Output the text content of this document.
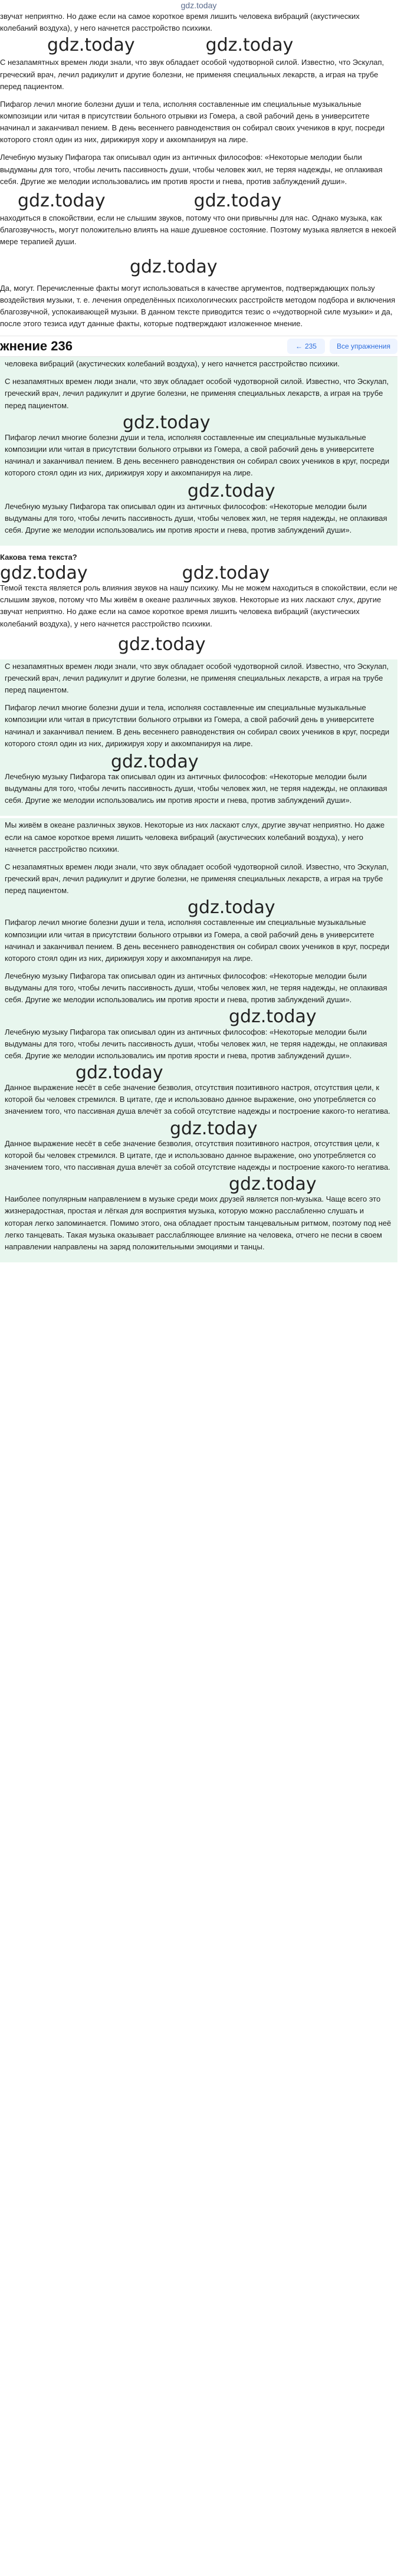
gdz.today

звучат неприятно. Но даже если на самое короткое время лишить человека вибраций (акустических колебаний воздуха), у него начнется расстройство психики.

gdz.today	gdz.today

С незапамятных времен люди знали, что звук обладает особой чудотворной силой. Известно, что Эскулап, греческий врач, лечил радикулит и другие болезни, не применяя специальных лекарств, а играя на трубе перед пациентом.

Пифагор лечил многие болезни души и тела, исполняя составленные им специальные музыкальные композиции или читая в присутствии больного отрывки из Гомера, а свой рабочий день в университете начинал и заканчивал пением. В день весеннего равноденствия он собирал своих учеников в круг, посреди которого стоял один из них, дирижируя хору и аккомпанируя на лире.

Лечебную музыку Пифагора так описывал один из античных философов: «Некоторые мелодии были выдуманы для того, чтобы лечить пассивность души, чтобы человек жил, не теряя надежды, не оплакивая себя. Другие же мелодии использовались им против ярости и гнева, против заблуждений души».

gdz.today	gdz.today

находиться в спокойствии, если не слышим звуков, потому что они привычны для нас. Однако музыка, как благозвучность, могут положительно влиять на наше душевное состояние. Поэтому музыка является в некоей мере терапией души.

gdz.today

Да, могут. Перечисленные факты могут использоваться в качестве аргументов, подтверждающих пользу воздействия музыки, т. е. лечения определённых психологических расстройств методом подбора и включения благозвучной, успокаивающей музыки. В данном тексте приводится тезис о «чудотворной силе музыки» и да, после этого тезиса идут данные факты, которые подтверждают изложенное мнение.

жнение 236	← 235	Все упражнения

человека вибраций (акустических колебаний воздуха), у него начнется расстройство психики.

С незапамятных времен люди знали, что звук обладает особой чудотворной силой. Известно, что Эскулап, греческий врач, лечил радикулит и другие болезни, не применяя специальных лекарств, а играя на трубе перед пациентом.

gdz.today

Пифагор лечил многие болезни души и тела, исполняя составленные им специальные музыкальные композиции или читая в присутствии больного отрывки из Гомера, а свой рабочий день в университете начинал и заканчивал пением. В день весеннего равноденствия он собирал своих учеников в круг, посреди которого стоял один из них, дирижируя хору и аккомпанируя на лире.

gdz.today

Лечебную музыку Пифагора так описывал один из античных философов: «Некоторые мелодии были выдуманы для того, чтобы лечить пассивность души, чтобы человек жил, не теряя надежды, не оплакивая себя. Другие же мелодии использовались им против ярости и гнева, против заблуждений души».

Какова тема текста?

gdz.today	gdz.today

Темой текста является роль влияния звуков на нашу психику. Мы не можем находиться в спокойствии, если не слышим звуков, потому что Мы живём в океане различных звуков. Некоторые из них ласкают слух, другие звучат неприятно. Но даже если на самое короткое время лишить человека вибраций (акустических колебаний воздуха), у него начнется расстройство психики.

gdz.today

С незапамятных времен люди знали, что звук обладает особой чудотворной силой. Известно, что Эскулап, греческий врач, лечил радикулит и другие болезни, не применяя специальных лекарств, а играя на трубе перед пациентом.

Пифагор лечил многие болезни души и тела, исполняя составленные им специальные музыкальные композиции или читая в присутствии больного отрывки из Гомера, а свой рабочий день в университете начинал и заканчивал пением. В день весеннего равноденствия он собирал своих учеников в круг, посреди которого стоял один из них, дирижируя хору и аккомпанируя на лире.

gdz.today

Лечебную музыку Пифагора так описывал один из античных философов: «Некоторые мелодии были выдуманы для того, чтобы лечить пассивность души, чтобы человек жил, не теряя надежды, не оплакивая себя. Другие же мелодии использовались им против ярости и гнева, против заблуждений души».

Мы живём в океане различных звуков. Некоторые из них ласкают слух, другие звучат неприятно. Но даже если на самое короткое время лишить человека вибраций (акустических колебаний воздуха), у него начнется расстройство психики.

С незапамятных времен люди знали, что звук обладает особой чудотворной силой. Известно, что Эскулап, греческий врач, лечил радикулит и другие болезни, не применяя специальных лекарств, а играя на трубе перед пациентом.

gdz.today

Пифагор лечил многие болезни души и тела, исполняя составленные им специальные музыкальные композиции или читая в присутствии больного отрывки из Гомера, а свой рабочий день в университете начинал и заканчивал пением. В день весеннего равноденствия он собирал своих учеников в круг, посреди которого стоял один из них, дирижируя хору и аккомпанируя на лире.

Лечебную музыку Пифагора так описывал один из античных философов: «Некоторые мелодии были выдуманы для того, чтобы лечить пассивность души, чтобы человек жил, не теряя надежды, не оплакивая себя. Другие же мелодии использовались им против ярости и гнева, против заблуждений души».

gdz.today

Лечебную музыку Пифагора так описывал один из античных философов: «Некоторые мелодии были выдуманы для того, чтобы лечить пассивность души, чтобы человек жил, не теряя надежды, не оплакивая себя. Другие же мелодии использовались им против ярости и гнева, против заблуждений души».

gdz.today

Данное выражение несёт в себе значение безволия, отсутствия позитивного настроя, отсутствия цели, к которой бы человек стремился. В цитате, где и использовано данное выражение, оно употребляется со значением того, что пассивная душа влечёт за собой отсутствие надежды и построение какого-то негатива.

gdz.today

Данное выражение несёт в себе значение безволия, отсутствия позитивного настроя, отсутствия цели, к которой бы человек стремился. В цитате, где и использовано данное выражение, оно употребляется со значением того, что пассивная душа влечёт за собой отсутствие надежды и построение какого-то негатива.

gdz.today

Наиболее популярным направлением в музыке среди моих друзей является поп-музыка. Чаще всего это жизнерадостная, простая и лёгкая для восприятия музыка, которую можно расслабленно слушать и которая легко запоминается. Помимо этого, она обладает простым танцевальным ритмом, поэтому под неё легко танцевать. Такая музыка оказывает расслабляющее влияние на человека, отчего не песни в своем направлении направлены на заряд положительными эмоциями и танцы.
